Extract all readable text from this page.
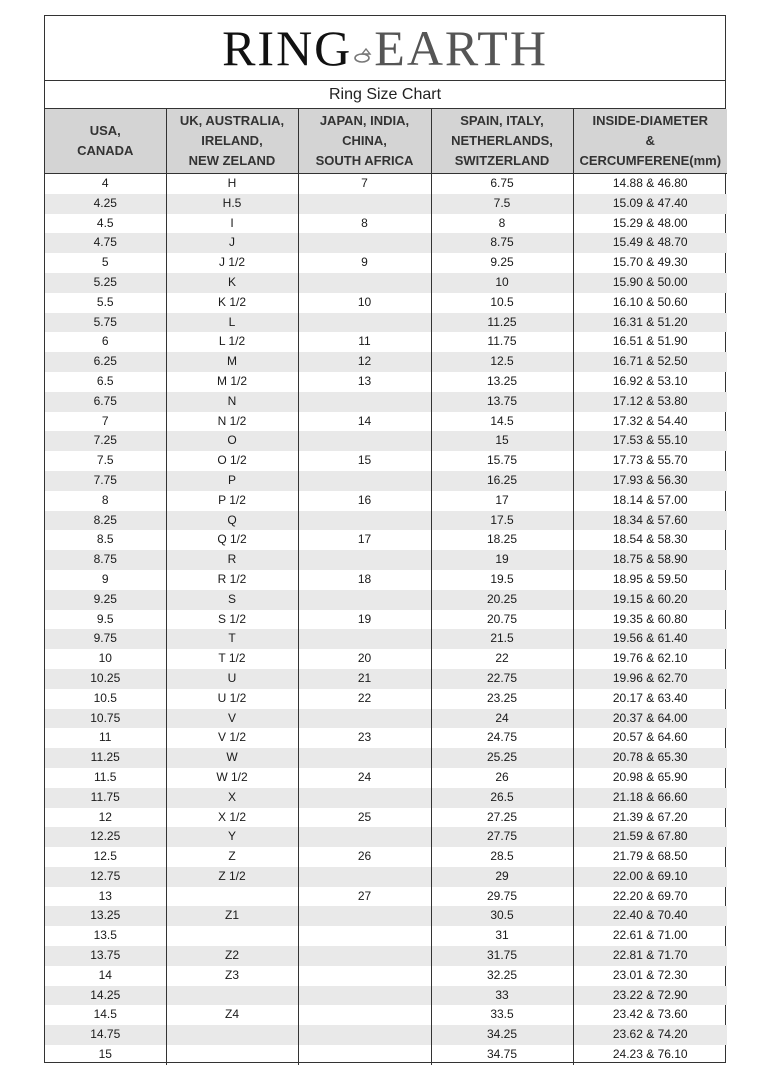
RING EARTH
Ring Size Chart
USA,
CANADA	UK, AUSTRALIA,
IRELAND,
NEW ZELAND	JAPAN, INDIA,
CHINA,
SOUTH AFRICA	SPAIN, ITALY,
NETHERLANDS,
SWITZERLAND	INSIDE-DIAMETER
&
CERCUMFERENE(mm)

4	H	7	6.75	14.88 & 46.80
4.25	H.5		7.5	15.09 & 47.40
4.5	I	8	8	15.29 & 48.00
4.75	J		8.75	15.49 & 48.70
5	J 1/2	9	9.25	15.70 & 49.30
5.25	K		10	15.90 & 50.00
5.5	K 1/2	10	10.5	16.10 & 50.60
5.75	L		11.25	16.31 & 51.20
6	L 1/2	11	11.75	16.51 & 51.90
6.25	M	12	12.5	16.71 & 52.50
6.5	M 1/2	13	13.25	16.92 & 53.10
6.75	N		13.75	17.12 & 53.80
7	N 1/2	14	14.5	17.32 & 54.40
7.25	O		15	17.53 & 55.10
7.5	O 1/2	15	15.75	17.73 & 55.70
7.75	P		16.25	17.93 & 56.30
8	P 1/2	16	17	18.14 & 57.00
8.25	Q		17.5	18.34 & 57.60
8.5	Q 1/2	17	18.25	18.54 & 58.30
8.75	R		19	18.75 & 58.90
9	R 1/2	18	19.5	18.95 & 59.50
9.25	S		20.25	19.15 & 60.20
9.5	S 1/2	19	20.75	19.35 & 60.80
9.75	T		21.5	19.56 & 61.40
10	T 1/2	20	22	19.76 & 62.10
10.25	U	21	22.75	19.96 & 62.70
10.5	U 1/2	22	23.25	20.17 & 63.40
10.75	V		24	20.37 & 64.00
11	V 1/2	23	24.75	20.57 & 64.60
11.25	W		25.25	20.78 & 65.30
11.5	W 1/2	24	26	20.98 & 65.90
11.75	X		26.5	21.18 & 66.60
12	X 1/2	25	27.25	21.39 & 67.20
12.25	Y		27.75	21.59 & 67.80
12.5	Z	26	28.5	21.79 & 68.50
12.75	Z 1/2		29	22.00 & 69.10
13		27	29.75	22.20 & 69.70
13.25	Z1		30.5	22.40 & 70.40
13.5			31	22.61 & 71.00
13.75	Z2		31.75	22.81 & 71.70
14	Z3		32.25	23.01 & 72.30
14.25			33	23.22 & 72.90
14.5	Z4		33.5	23.42 & 73.60
14.75			34.25	23.62 & 74.20
15			34.75	24.23 & 76.10
